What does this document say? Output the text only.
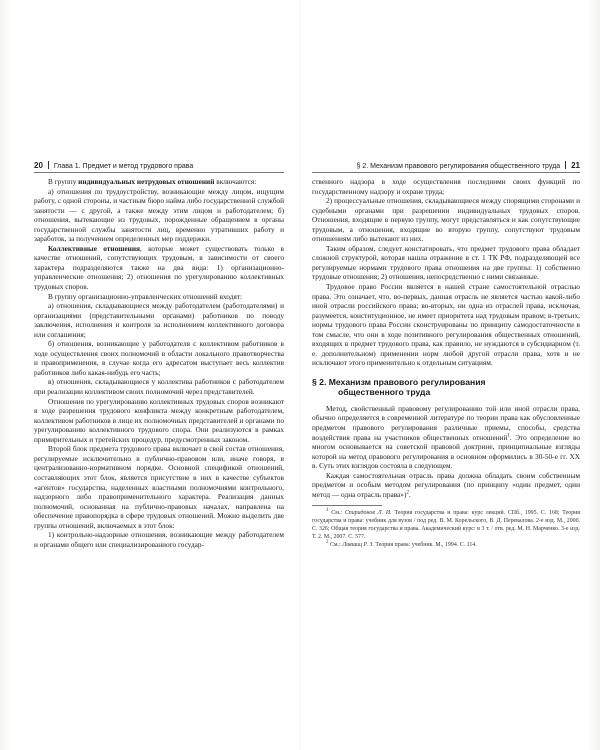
20 Глава 1. Предмет и метод трудового права

В группу индивидуальных нетрудовых отношений включаются:

а) отношения по трудоустройству, возникающие между лицом, ищущим работу, с одной стороны, и частным бюро найма либо государственной службой занятости — с другой, а также между этим лицом и работодателем; б) отношения, вытекающие из трудовых, порожденные обращением в органы государственной службы занятости лиц, временно утративших работу и заработок, за получением определенных мер поддержки.

Коллективные отношения, которые может существовать только в качестве отношений, сопутствующих трудовым, в зависимости от своего характера подразделяются также на два вида: 1) организационно-управленческие отношения; 2) отношения по урегулированию коллективных трудовых споров.

В группу организационно-управленческих отношений входят:

а) отношения, складывающиеся между работодателем (работодателями) и организациями (представительными органами) работников по поводу заключения, исполнения и контроля за исполнением коллективного договора или соглашения;

б) отношения, возникающие у работодателя с коллективом работников в ходе осуществления своих полномочий в области локального правотворчества и правоприменения, в случае когда его адресатом выступает весь коллектив работников либо какая-нибудь его часть;

в) отношения, складывающиеся у коллектива работников с работодателем при реализации коллективом своих полномочий через представителей.

Отношения по урегулированию коллективных трудовых споров возникают в ходе разрешения трудового конфликта между конкретным работодателем, коллективом работников в лице их полномочных представителей и органами по урегулированию коллективного трудового спора. Они реализуются в рамках примирительных и третейских процедур, предусмотренных законом.

Второй блок предмета трудового права включает в свой состав отношения, регулируемые исключительно в публично-правовом или, иначе говоря, в централизованно-нормативном порядке. Основной спецификой отношений, составляющих этот блок, является присутствие в них в качестве субъектов «агентов» государства, наделенных властными полномочиями контрольного, надзорного либо правоприменительного характера. Реализация данных полномочий, основанная на публично-правовых началах, направлена на обеспечение правопорядка в сфере трудовых отношений. Можно выделить две группы отношений, включаемых в этот блок:

1) контрольно-надзорные отношения, возникающие между работодателем и органами общего или специализированного государ-

§ 2. Механизм правового регулирования общественного труда 21

ственного надзора в ходе осуществления последними своих функций по государственному надзору и охране труда;

2) процессуальные отношения, складывающиеся между спорящими сторонами и судебными органами при разрешении индивидуальных трудовых споров. Отношения, входящие в первую группу, могут представляться и как сопутствующие трудовым, а отношения, входящие во вторую группу, сопутствуют трудовым отношениям либо вытекают из них.

Таким образом, следует констатировать, что предмет трудового права обладает сложной структурой, которая нашла отражение в ст. 1 ТК РФ, подразделяющей все регулируемые нормами трудового права отношения на две группы: 1) собственно трудовые отношения; 2) отношения, непосредственно с ними связанные.

Трудовое право России является в нашей стране самостоятельной отраслью права. Это означает, что, во-первых, данная отрасль не является частью какой-либо иной отрасли российского права; во-вторых, ни одна из отраслей права, исключая, разумеется, конституционное, не имеет приоритета над трудовым правом; в-третьих, нормы трудового права России сконструированы по принципу самодостаточности в том смысле, что они в ходе позитивного регулирования общественных отношений, входящих в предмет трудового права, как правило, не нуждаются в субсидиарном (т. е. дополнительном) применении норм любой другой отрасли права, хотя и не исключают этого применительно к отдельным ситуациям.

§ 2. Механизм правового регулирования
общественного труда

Метод, свойственный правовому регулированию той или иной отрасли права, обычно определяется в современной литературе по теории права как обусловленные предметом правового регулирования различные приемы, способы, средства воздействия права на участников общественных отношений$^1$. Это определение во многом основывается на советской правовой доктрине, принципиальные взгляды которой на метод правового регулирования в основном оформились в 30-50-е гг. XX в. Суть этих взглядов состояла в следующем.

Каждая самостоятельная отрасль права должна обладать своим собственным предметом и особым методом регулирования (по принципу «один предмет, один метод — одна отрасль права»)$^2$.

$^1$ См.: Спиридонов Л. И. Теория государства и права: курс лекций. СПб., 1995. С. 168; Теория государства и права: учебник для вузов / под ред. В. М. Корельского, В. Д. Перевалова. 2-е изд. М., 2000. С. 326; Общая теория государства и права. Академический курс: в 3 т. / отв. ред. М. Н. Марченко. 3-е изд. Т. 2. М., 2007. С. 577.

$^2$ См.: Лившиц Р. З. Теория права: учебник. М., 1994. С. 114.
